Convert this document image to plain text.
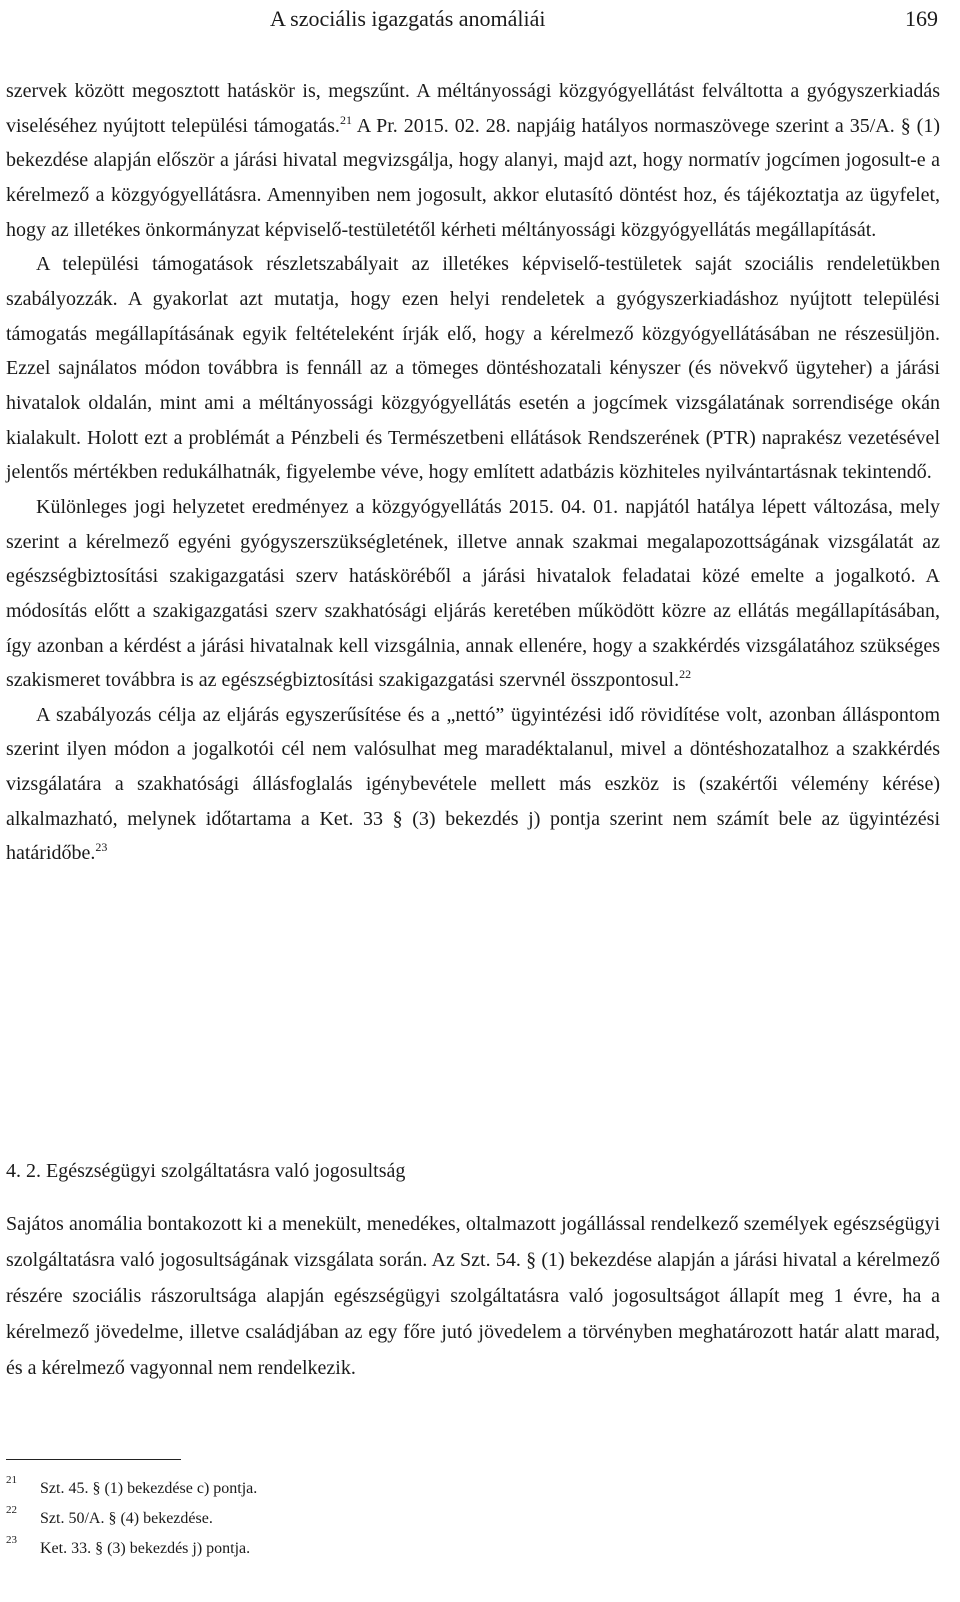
A szociális igazgatás anomáliái	169

szervek között megosztott hatáskör is, megszűnt. A méltányossági közgyógyellátást felváltotta a gyógyszerkiadás viseléséhez nyújtott települési támogatás.$^{21}$ A Pr. 2015. 02. 28. napjáig hatályos normaszövege szerint a 35/A. § (1) bekezdése alapján először a járási hivatal megvizsgálja, hogy alanyi, majd azt, hogy normatív jogcímen jogosult-e a kérelmező a közgyógyellátásra. Amennyiben nem jogosult, akkor elutasító döntést hoz, és tájékoztatja az ügyfelet, hogy az illetékes önkormányzat képviselő-testületétől kérheti méltányossági közgyógyellátás megállapítását.

A települési támogatások részletszabályait az illetékes képviselő-testületek saját szociális rendeletükben szabályozzák. A gyakorlat azt mutatja, hogy ezen helyi rendeletek a gyógyszerkiadáshoz nyújtott települési támogatás megállapításának egyik feltételeként írják elő, hogy a kérelmező közgyógyellátásában ne részesüljön. Ezzel sajnálatos módon továbbra is fennáll az a tömeges döntéshozatali kényszer (és növekvő ügyteher) a járási hivatalok oldalán, mint ami a méltányossági közgyógyellátás esetén a jogcímek vizsgálatának sorrendisége okán kialakult. Holott ezt a problémát a Pénzbeli és Természetbeni ellátások Rendszerének (PTR) naprakész vezetésével jelentős mértékben redukálhatnák, figyelembe véve, hogy említett adatbázis közhiteles nyilvántartásnak tekintendő.

Különleges jogi helyzetet eredményez a közgyógyellátás 2015. 04. 01. napjától hatálya lépett változása, mely szerint a kérelmező egyéni gyógyszerszükségletének, illetve annak szakmai megalapozottságának vizsgálatát az egészségbiztosítási szakigazgatási szerv hatásköréből a járási hivatalok feladatai közé emelte a jogalkotó. A módosítás előtt a szakigazgatási szerv szakhatósági eljárás keretében működött közre az ellátás megállapításában, így azonban a kérdést a járási hivatalnak kell vizsgálnia, annak ellenére, hogy a szakkérdés vizsgálatához szükséges szakismeret továbbra is az egészségbiztosítási szakigazgatási szervnél összpontosul.$^{22}$

A szabályozás célja az eljárás egyszerűsítése és a „nettó” ügyintézési idő rövidítése volt, azonban álláspontom szerint ilyen módon a jogalkotói cél nem valósulhat meg maradéktalanul, mivel a döntéshozatalhoz a szakkérdés vizsgálatára a szakhatósági állásfoglalás igénybevétele mellett más eszköz is (szakértői vélemény kérése) alkalmazható, melynek időtartama a Ket. 33 § (3) bekezdés j) pontja szerint nem számít bele az ügyintézési határidőbe.$^{23}$

4. 2. Egészségügyi szolgáltatásra való jogosultság

Sajátos anomália bontakozott ki a menekült, menedékes, oltalmazott jogállással rendelkező személyek egészségügyi szolgáltatásra való jogosultságának vizsgálata során. Az Szt. 54. § (1) bekezdése alapján a járási hivatal a kérelmező részére szociális rászorultsága alapján egészségügyi szolgáltatásra való jogosultságot állapít meg 1 évre, ha a kérelmező jövedelme, illetve családjában az egy főre jutó jövedelem a törvényben meghatározott határ alatt marad, és a kérelmező vagyonnal nem rendelkezik.

21 Szt. 45. § (1) bekezdése c) pontja.
22 Szt. 50/A. § (4) bekezdése.
23 Ket. 33. § (3) bekezdés j) pontja.
